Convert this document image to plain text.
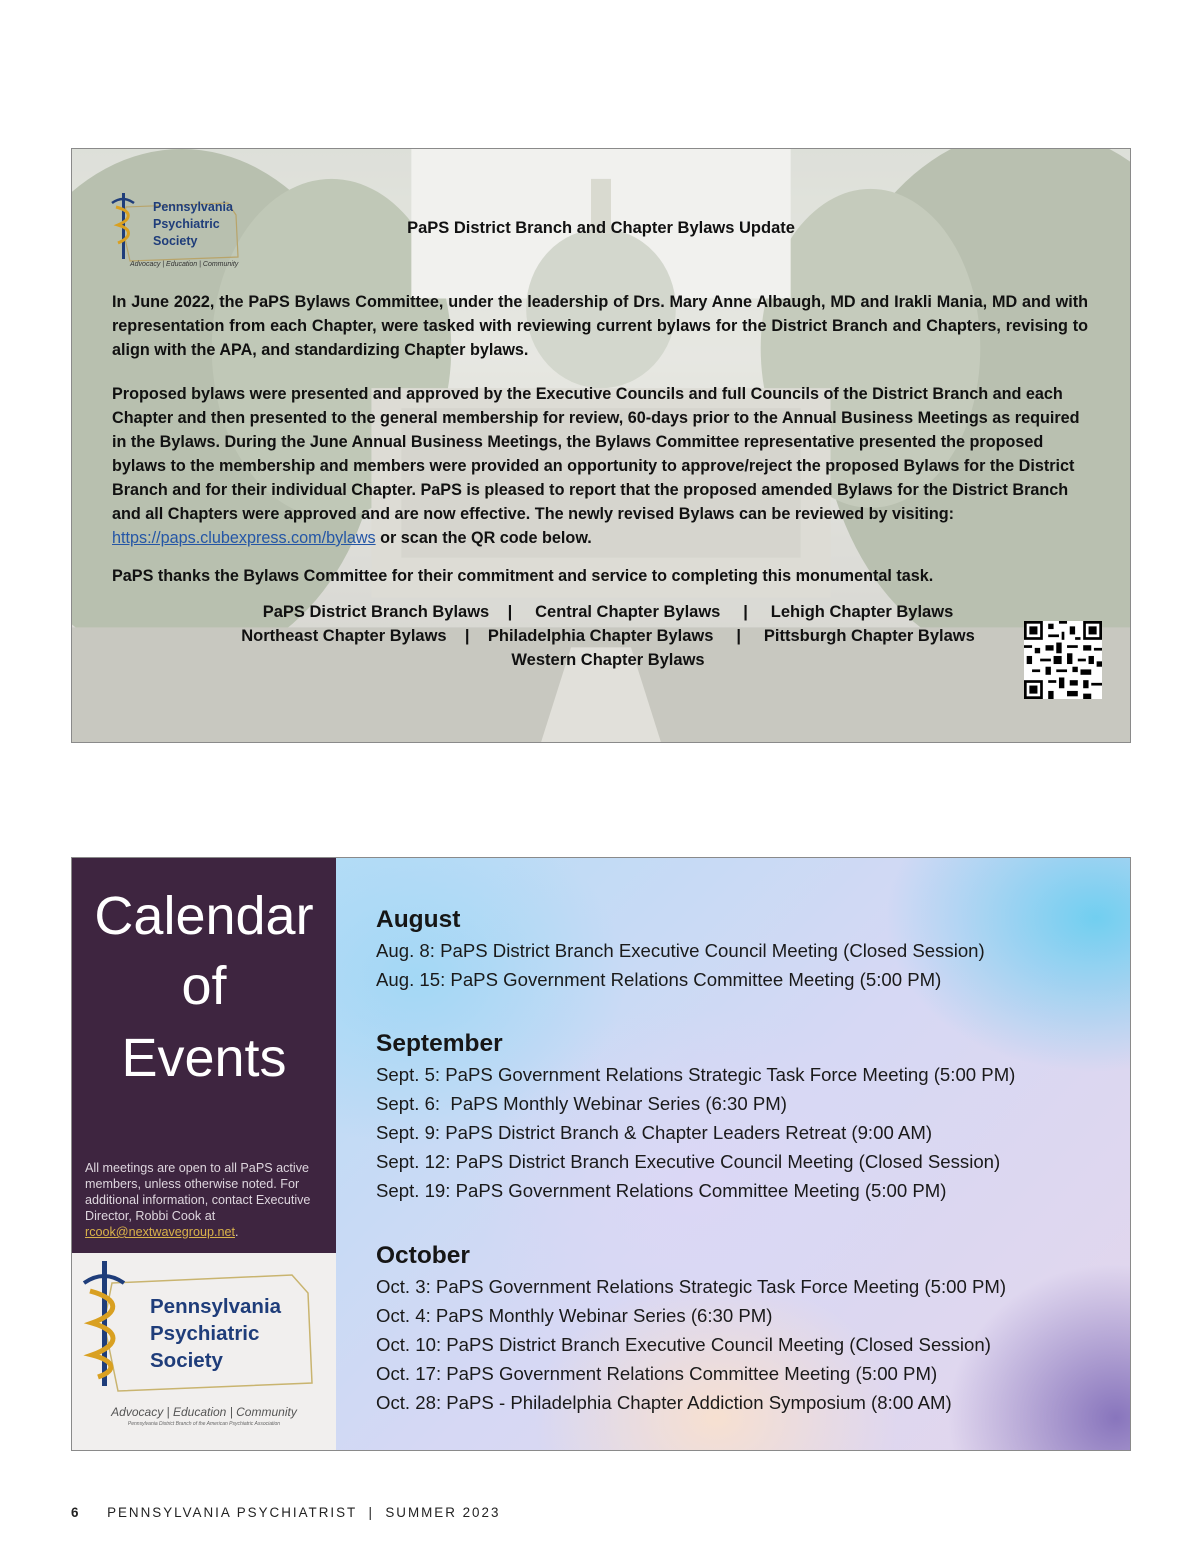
Pennsylvania
Psychiatric
Society
Advocacy | Education | Community
PaPS District Branch and Chapter Bylaws Update

In June 2022, the PaPS Bylaws Committee, under the leadership of Drs. Mary Anne Albaugh, MD and Irakli Mania, MD and with representation from each Chapter, were tasked with reviewing current bylaws for the District Branch and Chapters, revising to align with the APA, and standardizing Chapter bylaws.

Proposed bylaws were presented and approved by the Executive Councils and full Councils of the District Branch and each Chapter and then presented to the general membership for review, 60-days prior to the Annual Business Meetings as required in the Bylaws. During the June Annual Business Meetings, the Bylaws Committee representative presented the proposed bylaws to the membership and members were provided an opportunity to approve/reject the proposed Bylaws for the District Branch and for their individual Chapter. PaPS is pleased to report that the proposed amended Bylaws for the District Branch and all Chapters were approved and are now effective. The newly revised Bylaws can be reviewed by visiting: https://paps.clubexpress.com/bylaws or scan the QR code below.

PaPS thanks the Bylaws Committee for their commitment and service to completing this monumental task.

PaPS District Branch Bylaws    |     Central Chapter Bylaws     |     Lehigh Chapter Bylaws
Northeast Chapter Bylaws    |    Philadelphia Chapter Bylaws     |     Pittsburgh Chapter Bylaws
Western Chapter Bylaws
Calendar
of
Events

All meetings are open to all PaPS active members, unless otherwise noted. For additional information, contact Executive Director, Robbi Cook at rcook@nextwavegroup.net.

Pennsylvania
Psychiatric
Society
Advocacy | Education | Community
Pennsylvania District Branch of the American Psychiatric Association
August
Aug. 8: PaPS District Branch Executive Council Meeting (Closed Session)
Aug. 15: PaPS Government Relations Committee Meeting (5:00 PM)
September
Sept. 5: PaPS Government Relations Strategic Task Force Meeting (5:00 PM)
Sept. 6:  PaPS Monthly Webinar Series (6:30 PM)
Sept. 9: PaPS District Branch & Chapter Leaders Retreat (9:00 AM)
Sept. 12: PaPS District Branch Executive Council Meeting (Closed Session)
Sept. 19: PaPS Government Relations Committee Meeting (5:00 PM)
October
Oct. 3: PaPS Government Relations Strategic Task Force Meeting (5:00 PM)
Oct. 4: PaPS Monthly Webinar Series (6:30 PM)
Oct. 10: PaPS District Branch Executive Council Meeting (Closed Session)
Oct. 17: PaPS Government Relations Committee Meeting (5:00 PM)
Oct. 28: PaPS - Philadelphia Chapter Addiction Symposium (8:00 AM)
6 PENNSYLVANIA PSYCHIATRIST | SUMMER 2023
